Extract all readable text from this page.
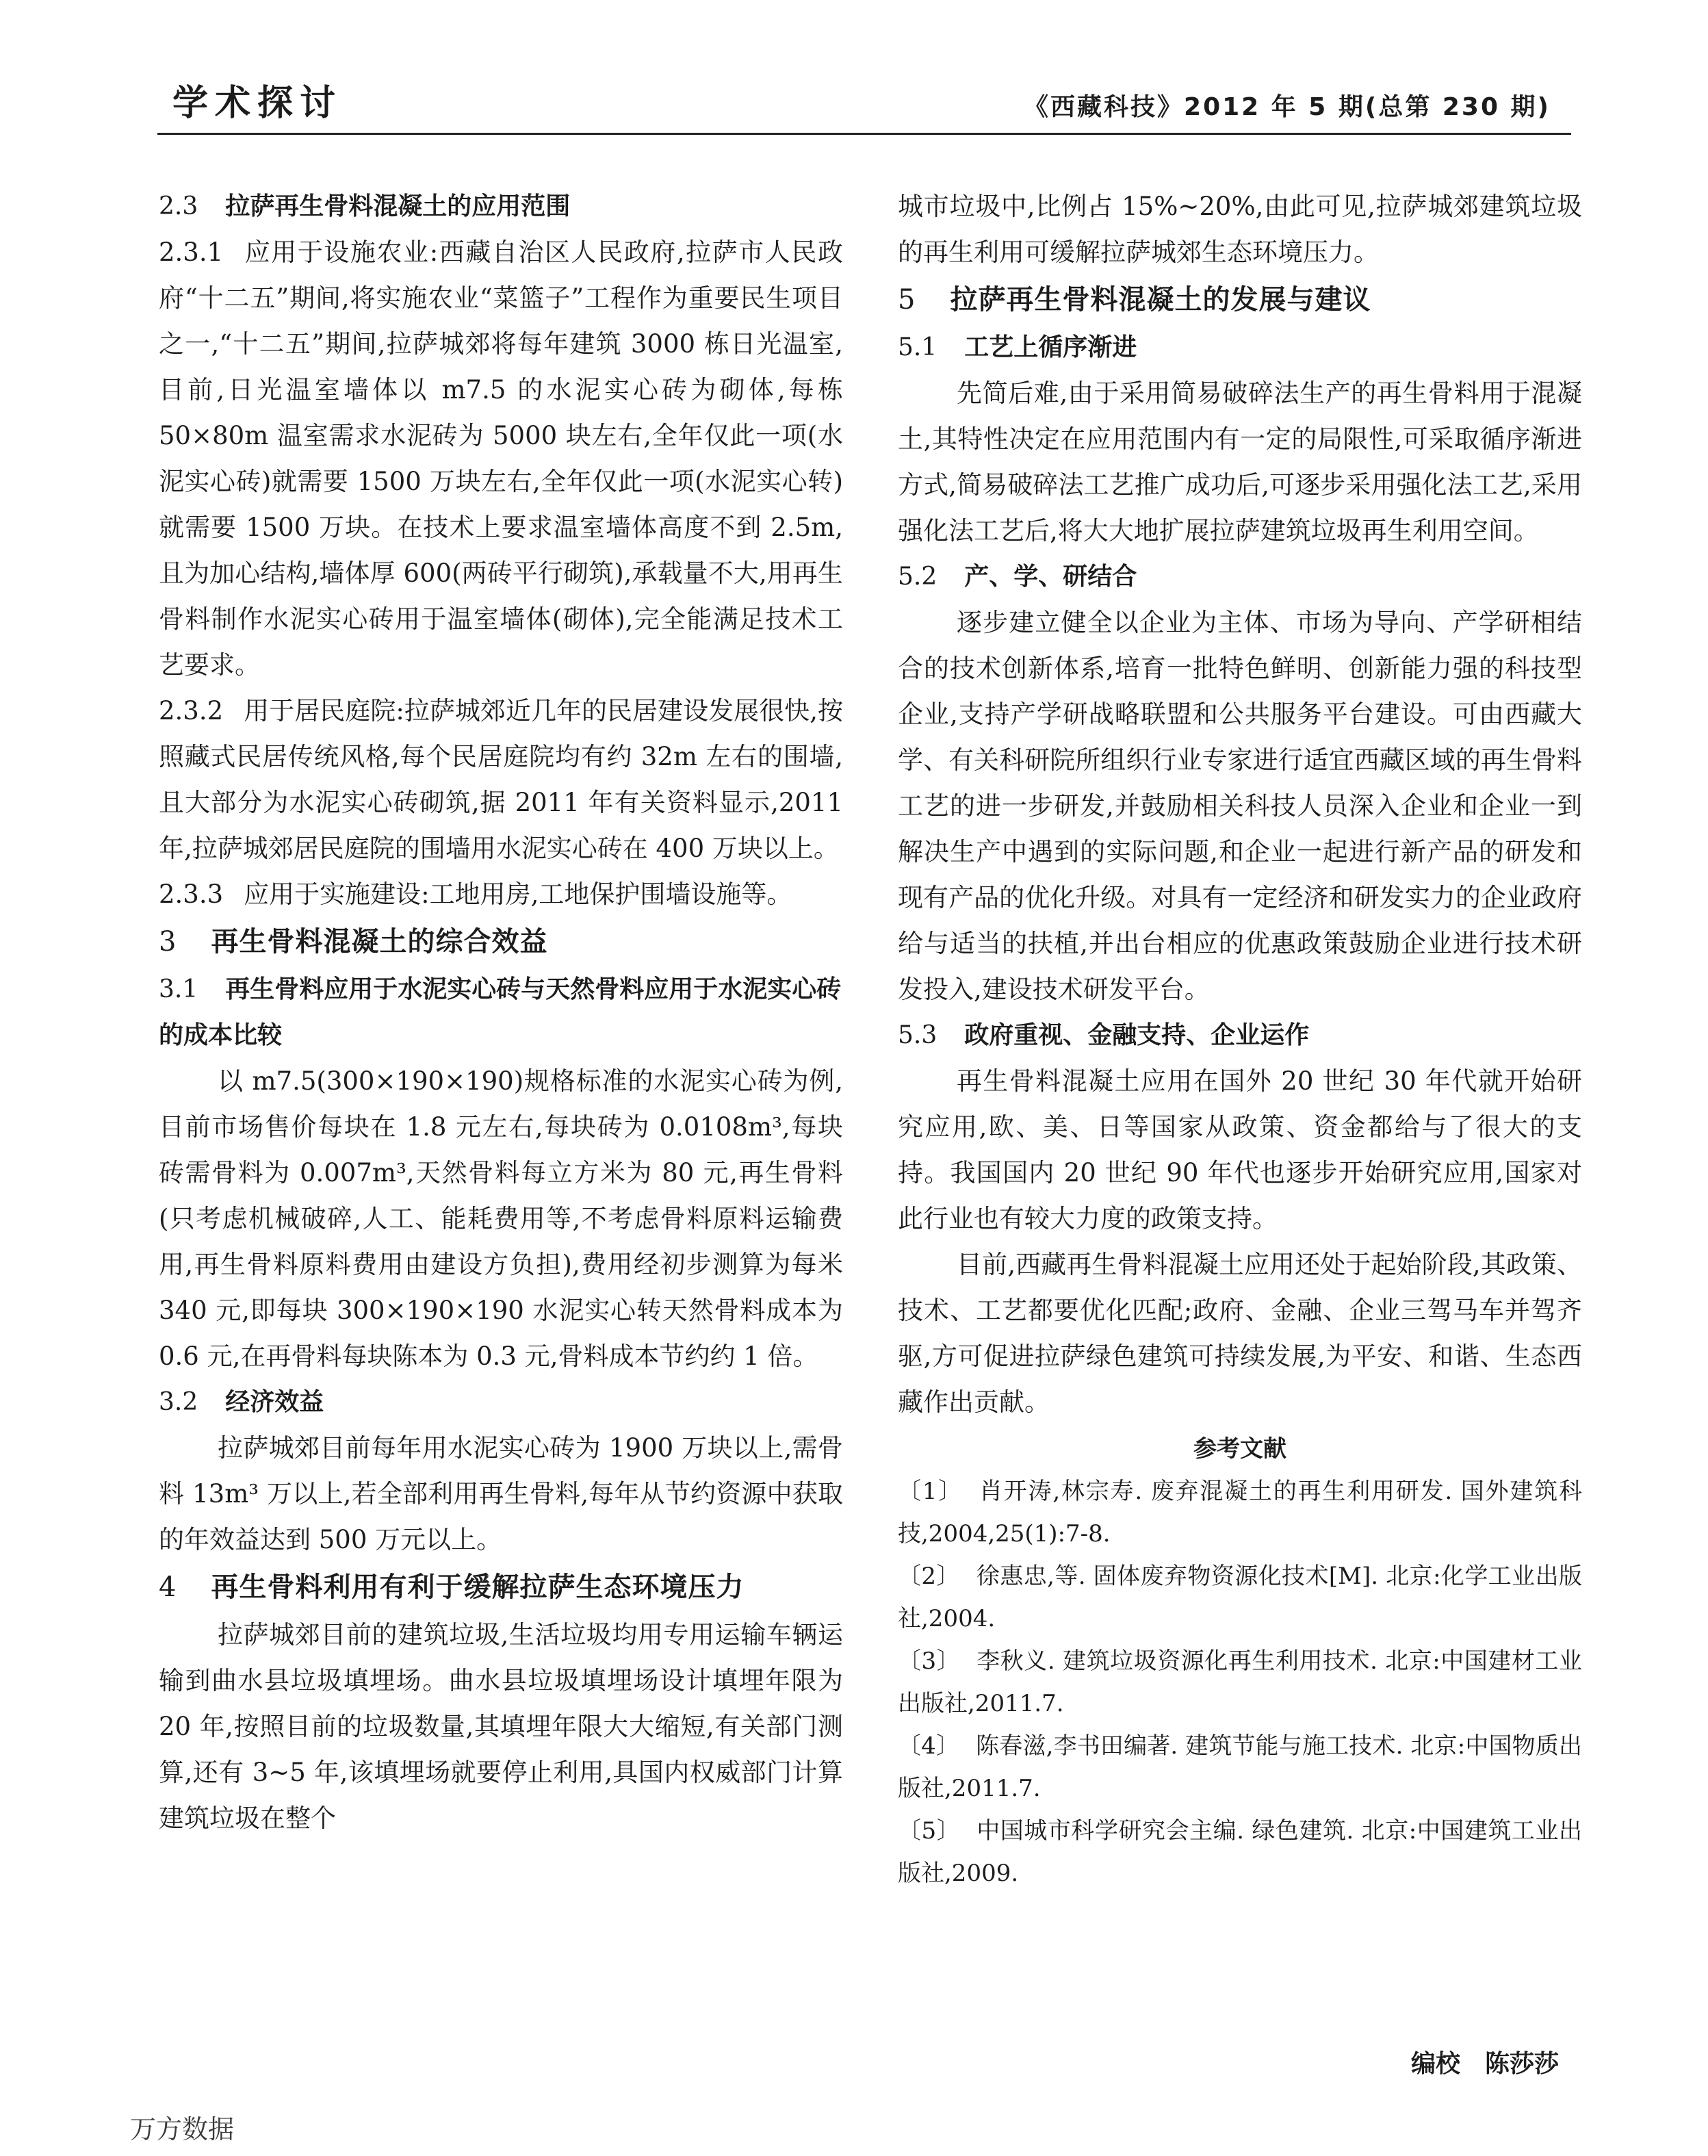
学术探讨	《西藏科技》2012 年 5 期(总第 230 期)

2.3 拉萨再生骨料混凝土的应用范围

2.3.1 应用于设施农业:西藏自治区人民政府,拉萨市人民政府“十二五”期间,将实施农业“菜篮子”工程作为重要民生项目之一,“十二五”期间,拉萨城郊将每年建筑 3000 栋日光温室,目前,日光温室墙体以 m7.5 的水泥实心砖为砌体,每栋 50×80m 温室需求水泥砖为 5000 块左右,全年仅此一项(水泥实心砖)就需要 1500 万块左右,全年仅此一项(水泥实心转)就需要 1500 万块。在技术上要求温室墙体高度不到 2.5m,且为加心结构,墙体厚 600(两砖平行砌筑),承载量不大,用再生骨料制作水泥实心砖用于温室墙体(砌体),完全能满足技术工艺要求。

2.3.2 用于居民庭院:拉萨城郊近几年的民居建设发展很快,按照藏式民居传统风格,每个民居庭院均有约 32m 左右的围墙,且大部分为水泥实心砖砌筑,据 2011 年有关资料显示,2011 年,拉萨城郊居民庭院的围墙用水泥实心砖在 400 万块以上。

2.3.3 应用于实施建设:工地用房,工地保护围墙设施等。

3 再生骨料混凝土的综合效益

3.1 再生骨料应用于水泥实心砖与天然骨料应用于水泥实心砖的成本比较

以 m7.5(300×190×190)规格标准的水泥实心砖为例,目前市场售价每块在 1.8 元左右,每块砖为 0.0108m³,每块砖需骨料为 0.007m³,天然骨料每立方米为 80 元,再生骨料(只考虑机械破碎,人工、能耗费用等,不考虑骨料原料运输费用,再生骨料原料费用由建设方负担),费用经初步测算为每米 340 元,即每块 300×190×190 水泥实心转天然骨料成本为 0.6 元,在再骨料每块陈本为 0.3 元,骨料成本节约约 1 倍。

3.2 经济效益

拉萨城郊目前每年用水泥实心砖为 1900 万块以上,需骨料 13m³ 万以上,若全部利用再生骨料,每年从节约资源中获取的年效益达到 500 万元以上。

4 再生骨料利用有利于缓解拉萨生态环境压力

拉萨城郊目前的建筑垃圾,生活垃圾均用专用运输车辆运输到曲水县垃圾填埋场。曲水县垃圾填埋场设计填埋年限为 20 年,按照目前的垃圾数量,其填埋年限大大缩短,有关部门测算,还有 3~5 年,该填埋场就要停止利用,具国内权威部门计算建筑垃圾在整个

城市垃圾中,比例占 15%~20%,由此可见,拉萨城郊建筑垃圾的再生利用可缓解拉萨城郊生态环境压力。

5 拉萨再生骨料混凝土的发展与建议

5.1 工艺上循序渐进

先简后难,由于采用简易破碎法生产的再生骨料用于混凝土,其特性决定在应用范围内有一定的局限性,可采取循序渐进方式,简易破碎法工艺推广成功后,可逐步采用强化法工艺,采用强化法工艺后,将大大地扩展拉萨建筑垃圾再生利用空间。

5.2 产、学、研结合

逐步建立健全以企业为主体、市场为导向、产学研相结合的技术创新体系,培育一批特色鲜明、创新能力强的科技型企业,支持产学研战略联盟和公共服务平台建设。可由西藏大学、有关科研院所组织行业专家进行适宜西藏区域的再生骨料工艺的进一步研发,并鼓励相关科技人员深入企业和企业一到解决生产中遇到的实际问题,和企业一起进行新产品的研发和现有产品的优化升级。对具有一定经济和研发实力的企业政府给与适当的扶植,并出台相应的优惠政策鼓励企业进行技术研发投入,建设技术研发平台。

5.3 政府重视、金融支持、企业运作

再生骨料混凝土应用在国外 20 世纪 30 年代就开始研究应用,欧、美、日等国家从政策、资金都给与了很大的支持。我国国内 20 世纪 90 年代也逐步开始研究应用,国家对此行业也有较大力度的政策支持。

目前,西藏再生骨料混凝土应用还处于起始阶段,其政策、技术、工艺都要优化匹配;政府、金融、企业三驾马车并驾齐驱,方可促进拉萨绿色建筑可持续发展,为平安、和谐、生态西藏作出贡献。

参考文献

〔1〕 肖开涛,林宗寿. 废弃混凝土的再生利用研发. 国外建筑科技,2004,25(1):7-8.

〔2〕 徐惠忠,等. 固体废弃物资源化技术[M]. 北京:化学工业出版社,2004.

〔3〕 李秋义. 建筑垃圾资源化再生利用技术. 北京:中国建材工业出版社,2011.7.

〔4〕 陈春滋,李书田编著. 建筑节能与施工技术. 北京:中国物质出版社,2011.7.

〔5〕 中国城市科学研究会主编. 绿色建筑. 北京:中国建筑工业出版社,2009.

编校 陈莎莎
万方数据
